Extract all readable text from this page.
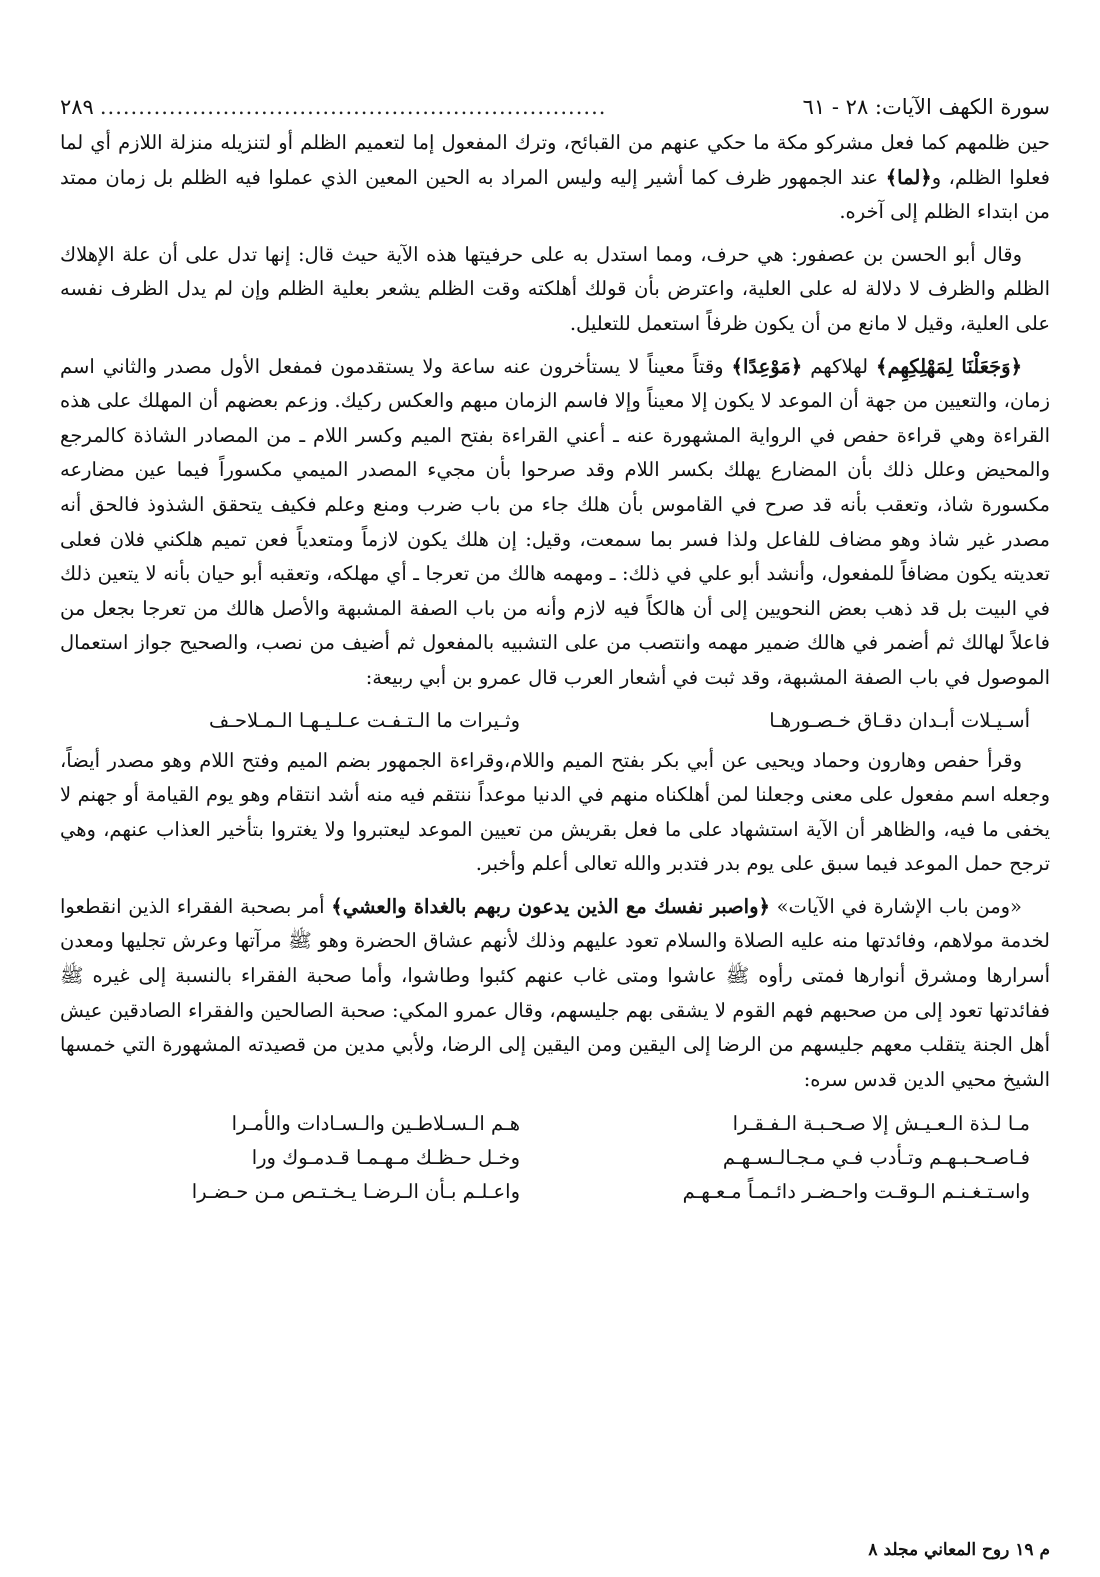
سورة الكهف الآيات: ٢٨ - ٦١
..................................................................
٢٨٩

حين ظلمهم كما فعل مشركو مكة ما حكي عنهم من القبائح، وترك المفعول إما لتعميم الظلم أو لتنزيله منزلة اللازم أي لما فعلوا الظلم، و﴿لما﴾ عند الجمهور ظرف كما أشير إليه وليس المراد به الحين المعين الذي عملوا فيه الظلم بل زمان ممتد من ابتداء الظلم إلى آخره.

وقال أبو الحسن بن عصفور: هي حرف، ومما استدل به على حرفيتها هذه الآية حيث قال: إنها تدل على أن علة الإهلاك الظلم والظرف لا دلالة له على العلية، واعترض بأن قولك أهلكته وقت الظلم يشعر بعلية الظلم وإن لم يدل الظرف نفسه على العلية، وقيل لا مانع من أن يكون ظرفاً استعمل للتعليل.

﴿وَجَعَلْنَا لِمَهْلِكِهِم﴾ لهلاكهم ﴿مَوْعِدًا﴾ وقتاً معيناً لا يستأخرون عنه ساعة ولا يستقدمون فمفعل الأول مصدر والثاني اسم زمان، والتعيين من جهة أن الموعد لا يكون إلا معيناً وإلا فاسم الزمان مبهم والعكس ركيك. وزعم بعضهم أن المهلك على هذه القراءة وهي قراءة حفص في الرواية المشهورة عنه ـ أعني القراءة بفتح الميم وكسر اللام ـ من المصادر الشاذة كالمرجع والمحيض وعلل ذلك بأن المضارع يهلك بكسر اللام وقد صرحوا بأن مجيء المصدر الميمي مكسوراً فيما عين مضارعه مكسورة شاذ، وتعقب بأنه قد صرح في القاموس بأن هلك جاء من باب ضرب ومنع وعلم فكيف يتحقق الشذوذ فالحق أنه مصدر غير شاذ وهو مضاف للفاعل ولذا فسر بما سمعت، وقيل: إن هلك يكون لازماً ومتعدياً فعن تميم هلكني فلان فعلى تعديته يكون مضافاً للمفعول، وأنشد أبو علي في ذلك: ـ ومهمه هالك من تعرجا ـ أي مهلكه، وتعقبه أبو حيان بأنه لا يتعين ذلك في البيت بل قد ذهب بعض النحويين إلى أن هالكاً فيه لازم وأنه من باب الصفة المشبهة والأصل هالك من تعرجا بجعل من فاعلاً لهالك ثم أضمر في هالك ضمير مهمه وانتصب من على التشبيه بالمفعول ثم أضيف من نصب، والصحيح جواز استعمال الموصول في باب الصفة المشبهة، وقد ثبت في أشعار العرب قال عمرو بن أبي ربيعة:

أسـيـلات أبـدان دقـاق خـصـورهـا
وثـيرات ما الـتـفـت عـلـيـهـا الـمـلاحـف

وقرأ حفص وهارون وحماد ويحيى عن أبي بكر بفتح الميم واللام،وقراءة الجمهور بضم الميم وفتح اللام وهو مصدر أيضاً، وجعله اسم مفعول على معنى وجعلنا لمن أهلكناه منهم في الدنيا موعداً ننتقم فيه منه أشد انتقام وهو يوم القيامة أو جهنم لا يخفى ما فيه، والظاهر أن الآية استشهاد على ما فعل بقريش من تعيين الموعد ليعتبروا ولا يغتروا بتأخير العذاب عنهم، وهي ترجح حمل الموعد فيما سبق على يوم بدر فتدبر والله تعالى أعلم وأخبر.

«ومن باب الإشارة في الآيات» ﴿واصبر نفسك مع الذين يدعون ربهم بالغداة والعشي﴾ أمر بصحبة الفقراء الذين انقطعوا لخدمة مولاهم، وفائدتها منه عليه الصلاة والسلام تعود عليهم وذلك لأنهم عشاق الحضرة وهو ﷺ مرآتها وعرش تجليها ومعدن أسرارها ومشرق أنوارها فمتى رأوه ﷺ عاشوا ومتى غاب عنهم كئبوا وطاشوا، وأما صحبة الفقراء بالنسبة إلى غيره ﷺ ففائدتها تعود إلى من صحبهم فهم القوم لا يشقى بهم جليسهم، وقال عمرو المكي: صحبة الصالحين والفقراء الصادقين عيش أهل الجنة يتقلب معهم جليسهم من الرضا إلى اليقين ومن اليقين إلى الرضا، ولأبي مدين من قصيدته المشهورة التي خمسها الشيخ محيي الدين قدس سره:

مـا لـذة الـعـيـش إلا صـحـبـة الـفـقـرا
هـم الـسـلاطـين والـسـادات والأمـرا
فـاصـحـبـهـم وتـأدب فـي مـجـالـسـهـم
وخـل حـظـك مـهـمـا قـدمـوك ورا
واسـتـغـنـم الـوقـت واحـضـر دائـمـاً مـعـهـم
واعـلـم بـأن الـرضـا يـخـتـص مـن حـضـرا
م ١٩ روح المعاني مجلد ٨
